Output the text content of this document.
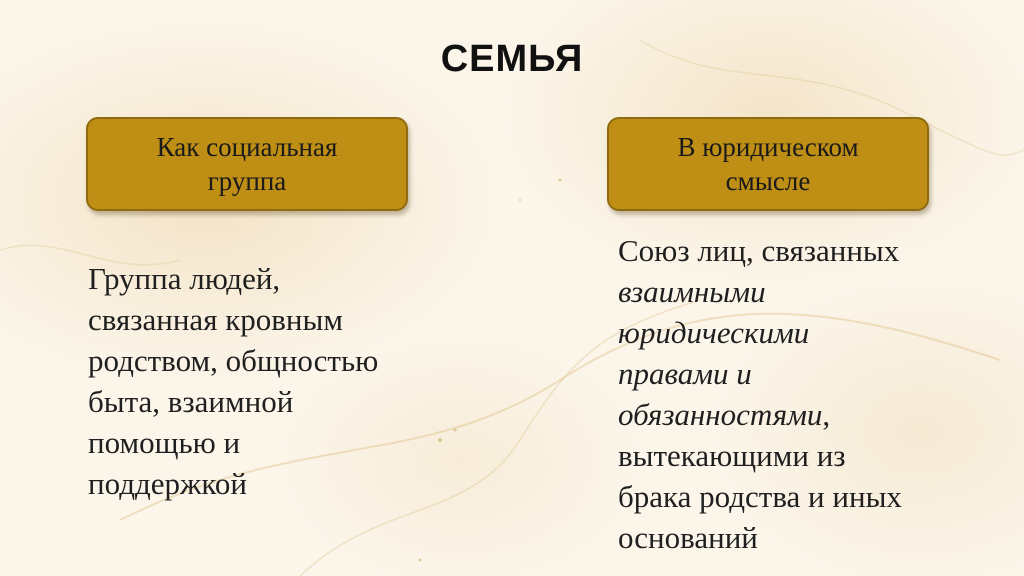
СЕМЬЯ
Как социальная
группа
В юридическом
смысле
Группа людей,
связанная кровным
родством, общностью
быта, взаимной
помощью и
поддержкой
Союз лиц, связанных
взаимными
юридическими
правами и
обязанностями,
вытекающими из
брака родства и иных
оснований
